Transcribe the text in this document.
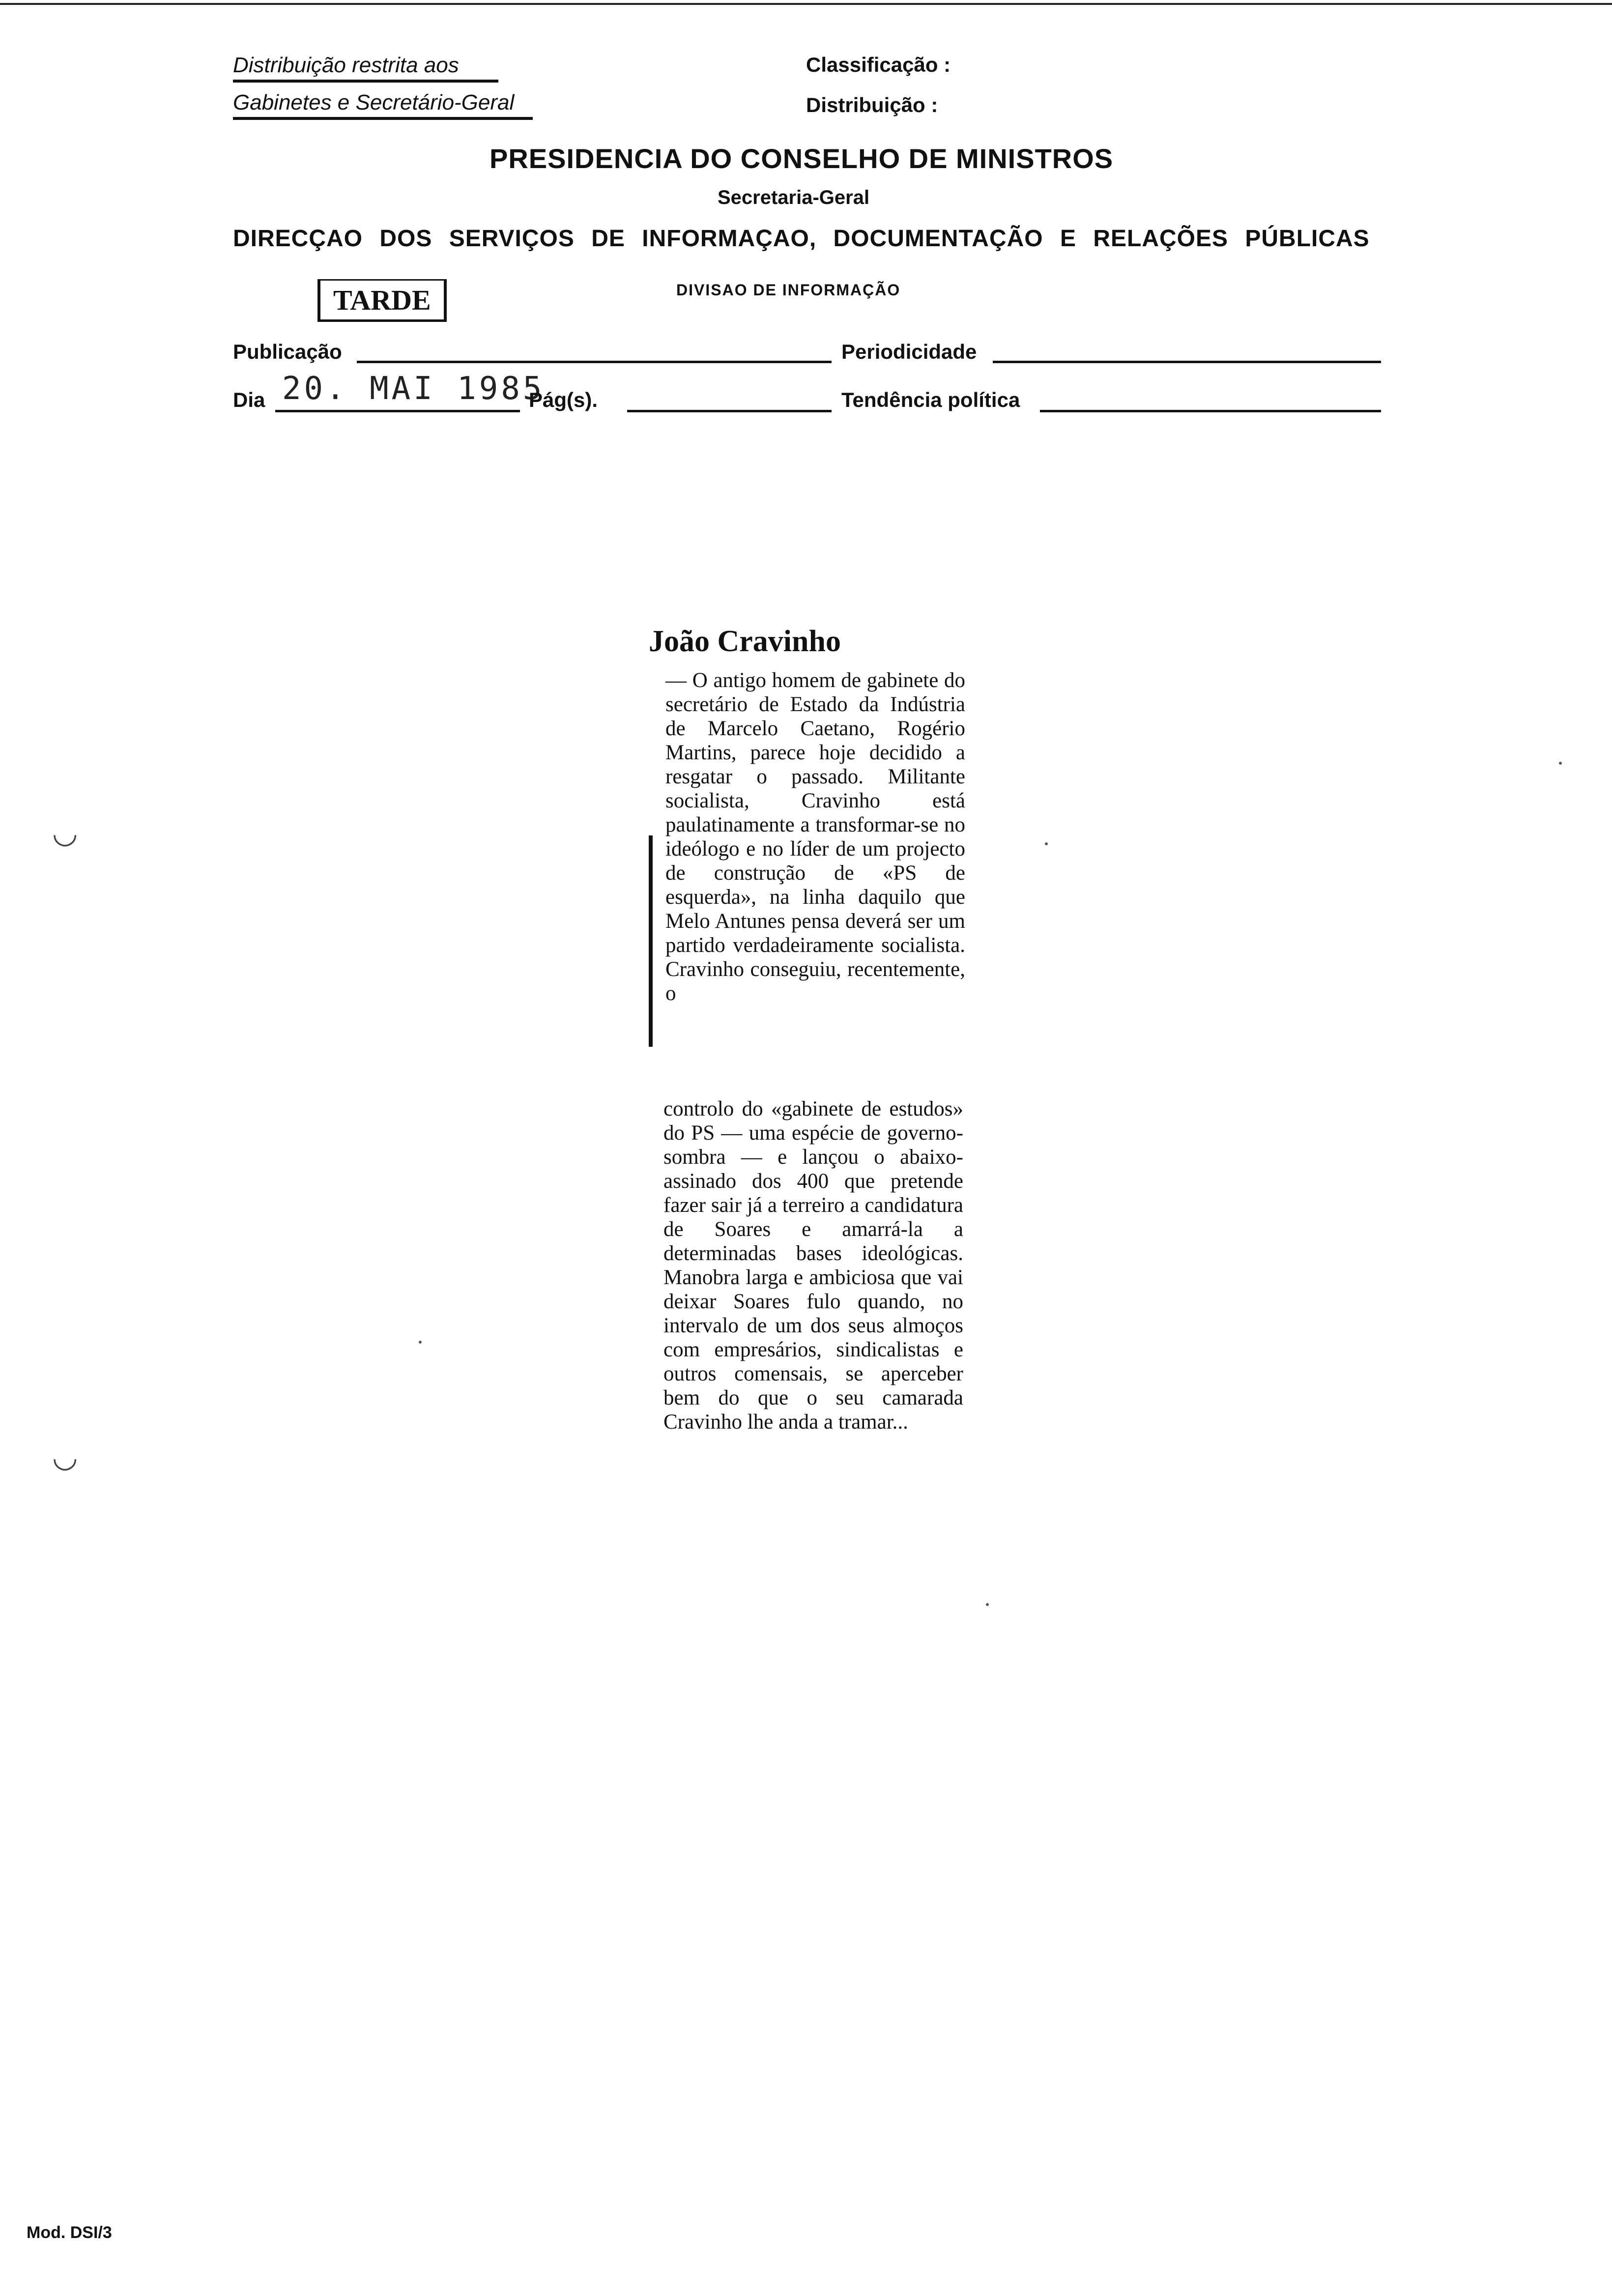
Distribuição restrita aos
Gabinetes e Secretário-Geral
Classificação :
Distribuição :
PRESIDENCIA DO CONSELHO DE MINISTROS
Secretaria-Geral
DIRECÇAO DOS SERVIÇOS DE INFORMAÇAO, DOCUMENTAÇÃO E RELAÇÕES PÚBLICAS
TARDE	DIVISAO DE INFORMAÇÃO
Publicação	Periodicidade
Dia 20. MAI 1985
Pág(s).	Tendência política
João Cravinho

— O antigo homem de gabinete do secretário de Estado da Indústria de Marcelo Caetano, Rogério Martins, parece hoje decidido a resgatar o passado. Militante socialista, Cravinho está paulatinamente a transformar-se no ideólogo e no líder de um projecto de construção de «PS de esquerda», na linha daquilo que Melo Antunes pensa deverá ser um partido verdadeiramente socialista. Cravinho conseguiu, recentemente, o

controlo do «gabinete de estudos» do PS — uma espécie de governo-sombra — e lançou o abaixo-assinado dos 400 que pretende fazer sair já a terreiro a candidatura de Soares e amarrá-la a determinadas bases ideológicas. Manobra larga e ambiciosa que vai deixar Soares fulo quando, no intervalo de um dos seus almoços com empresários, sindicalistas e outros comensais, se aperceber bem do que o seu camarada Cravinho lhe anda a tramar...

◡
◡
Mod. DSI/3
